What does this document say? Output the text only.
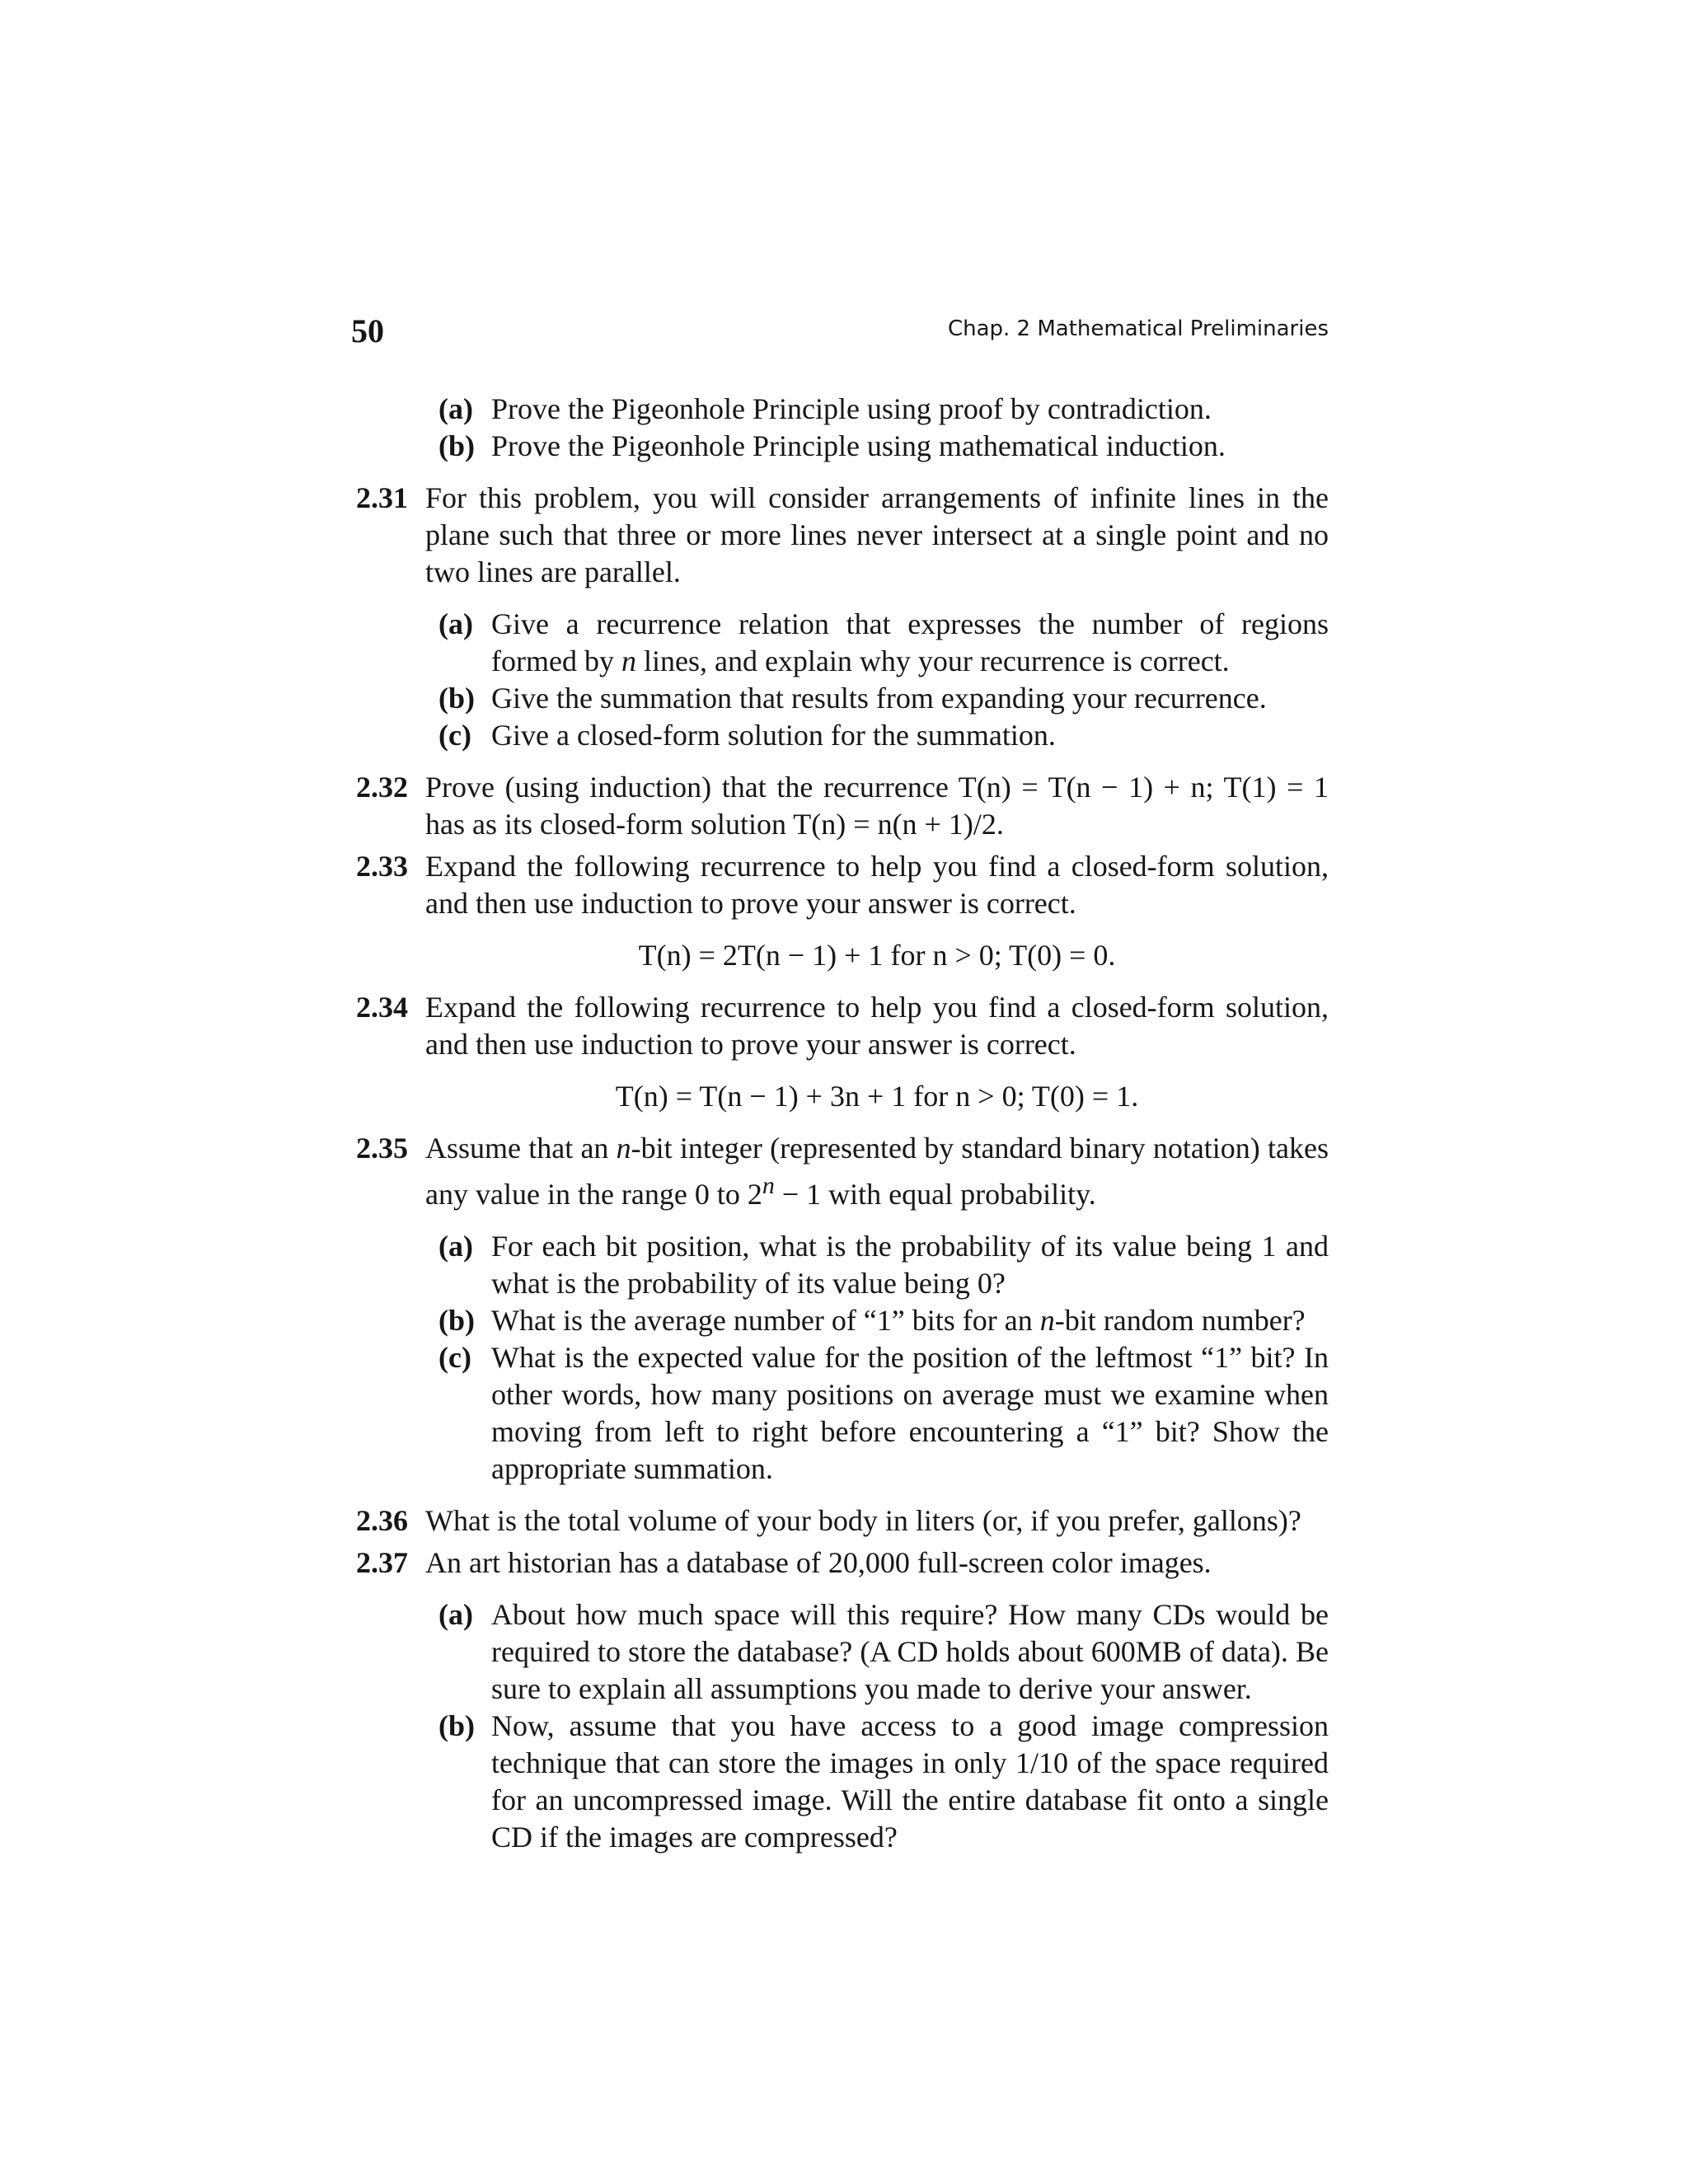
50	Chap. 2 Mathematical Preliminaries
(a) Prove the Pigeonhole Principle using proof by contradiction.
(b) Prove the Pigeonhole Principle using mathematical induction.
2.31 For this problem, you will consider arrangements of infinite lines in the plane such that three or more lines never intersect at a single point and no two lines are parallel.
(a) Give a recurrence relation that expresses the number of regions formed by n lines, and explain why your recurrence is correct.
(b) Give the summation that results from expanding your recurrence.
(c) Give a closed-form solution for the summation.
2.32 Prove (using induction) that the recurrence T(n) = T(n − 1) + n; T(1) = 1 has as its closed-form solution T(n) = n(n + 1)/2.
2.33 Expand the following recurrence to help you find a closed-form solution, and then use induction to prove your answer is correct.
T(n) = 2T(n − 1) + 1 for n > 0; T(0) = 0.
2.34 Expand the following recurrence to help you find a closed-form solution, and then use induction to prove your answer is correct.
T(n) = T(n − 1) + 3n + 1 for n > 0; T(0) = 1.
2.35 Assume that an n-bit integer (represented by standard binary notation) takes any value in the range 0 to $2^n - 1$ with equal probability.
(a) For each bit position, what is the probability of its value being 1 and what is the probability of its value being 0?
(b) What is the average number of “1” bits for an n-bit random number?
(c) What is the expected value for the position of the leftmost “1” bit? In other words, how many positions on average must we examine when moving from left to right before encountering a “1” bit? Show the appropriate summation.
2.36 What is the total volume of your body in liters (or, if you prefer, gallons)?
2.37 An art historian has a database of 20,000 full-screen color images.
(a) About how much space will this require? How many CDs would be required to store the database? (A CD holds about 600MB of data). Be sure to explain all assumptions you made to derive your answer.
(b) Now, assume that you have access to a good image compression technique that can store the images in only 1/10 of the space required for an uncompressed image. Will the entire database fit onto a single CD if the images are compressed?
